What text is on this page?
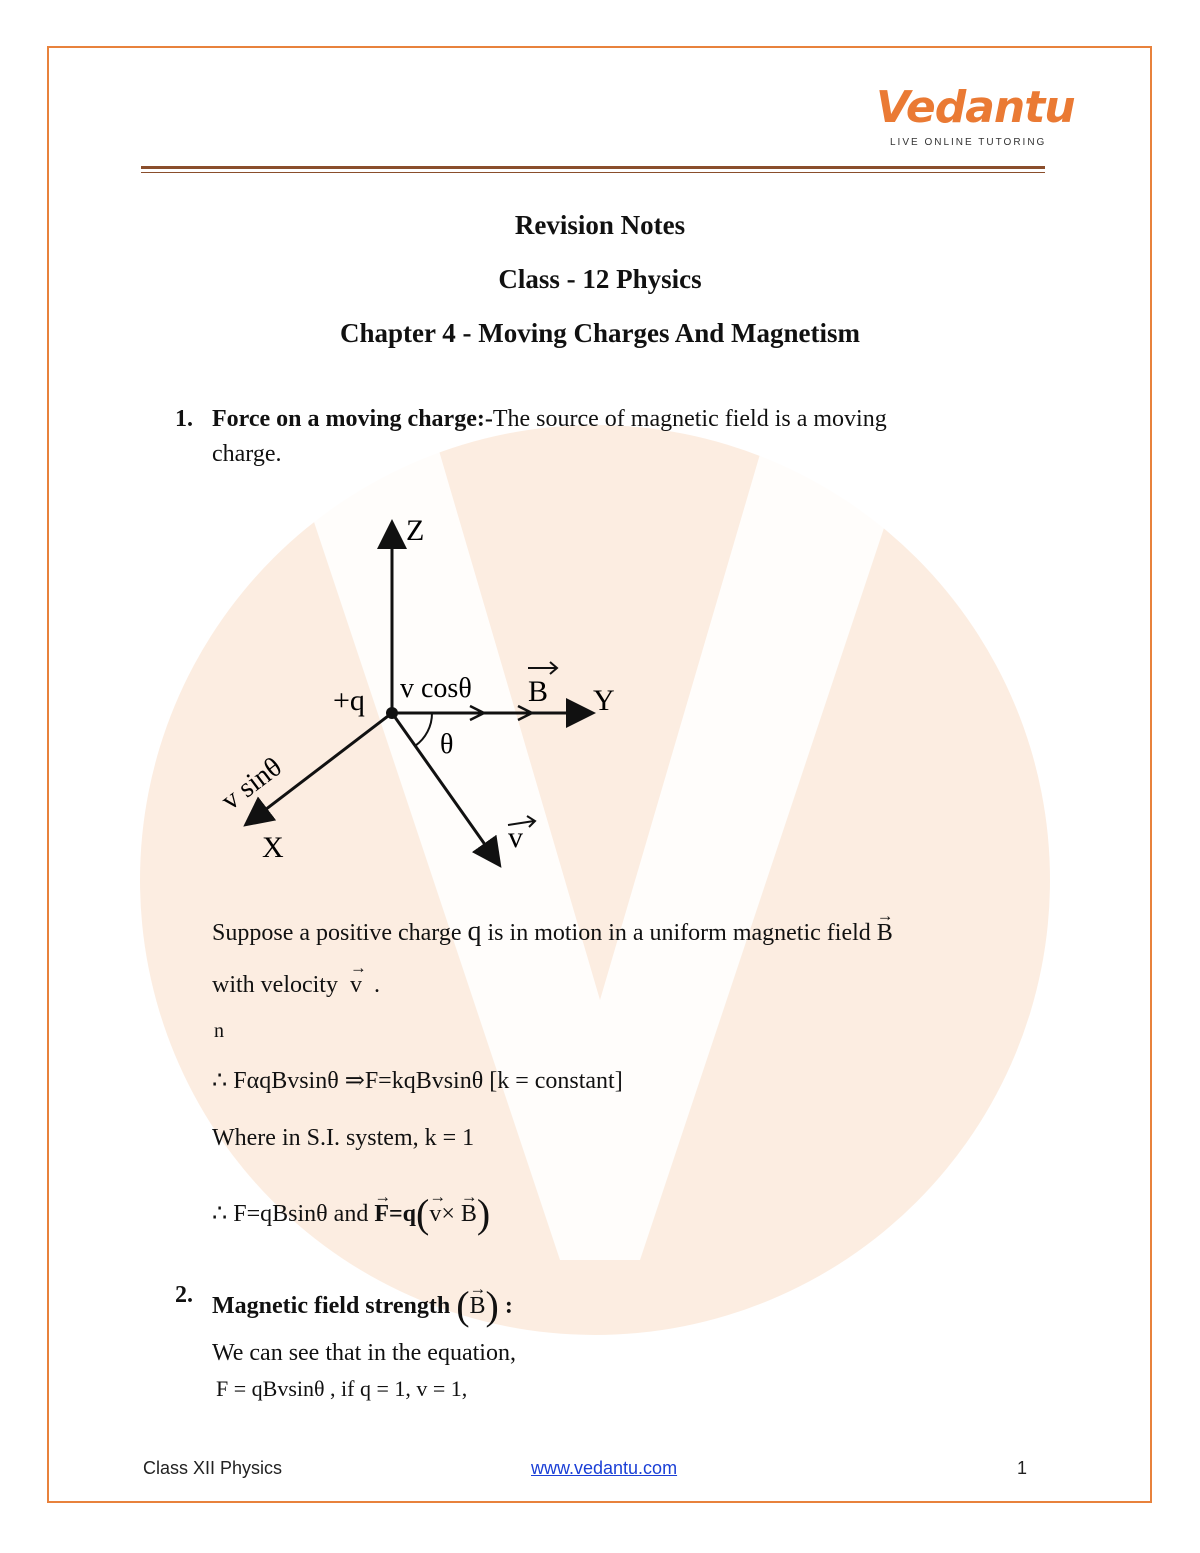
Vedantu
LIVE ONLINE TUTORING
Revision Notes
Class - 12 Physics
Chapter 4 - Moving Charges And Magnetism
1. Force on a moving charge:-The source of magnetic field is a moving
charge.
Z
Y
X
+q v cosθ B
θ
v sinθ
v
Suppose a positive charge q is in motion in a uniform magnetic field → B
with velocity → v .
n
∴ FαqBvsinθ ⇒F=kqBvsinθ [k = constant]
Where in S.I. system, k = 1
∴ F=qBsinθ and → F=q(→ v× → B)
2. Magnetic field strength (→ B) :
We can see that in the equation,
F = qBvsinθ , if q = 1, v = 1,
Class XII Physics	www.vedantu.com	1
